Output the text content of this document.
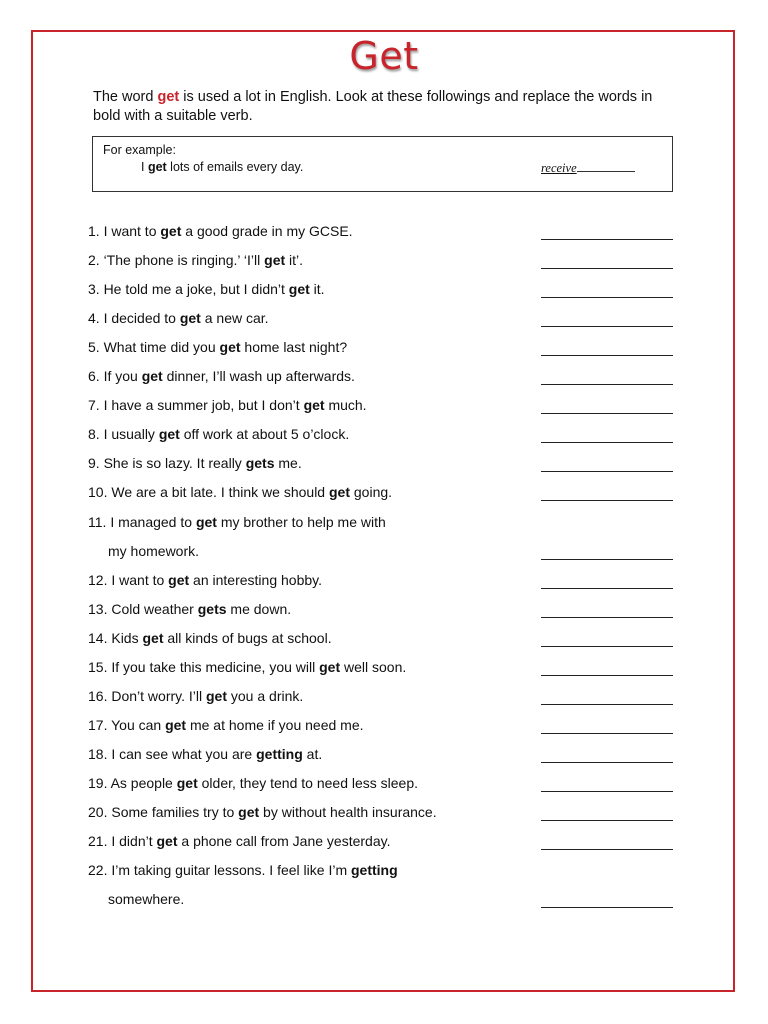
Get
The word get is used a lot in English. Look at these followings and replace the words in bold with a suitable verb.
For example:
I get lots of emails every day.	receive
1. I want to get a good grade in my GCSE.
2. ‘The phone is ringing.’ ‘I’ll get it’.
3. He told me a joke, but I didn’t get it.
4. I decided to get a new car.
5. What time did you get home last night?
6. If you get dinner, I’ll wash up afterwards.
7. I have a summer job, but I don’t get much.
8. I usually get off work at about 5 o’clock.
9. She is so lazy. It really gets me.
10. We are a bit late. I think we should get going.
11. I managed to get my brother to help me with
my homework.
12. I want to get an interesting hobby.
13. Cold weather gets me down.
14. Kids get all kinds of bugs at school.
15. If you take this medicine, you will get well soon.
16. Don’t worry. I’ll get you a drink.
17. You can get me at home if you need me.
18. I can see what you are getting at.
19. As people get older, they tend to need less sleep.
20. Some families try to get by without health insurance.
21. I didn’t get a phone call from Jane yesterday.
22. I’m taking guitar lessons. I feel like I’m getting
somewhere.
